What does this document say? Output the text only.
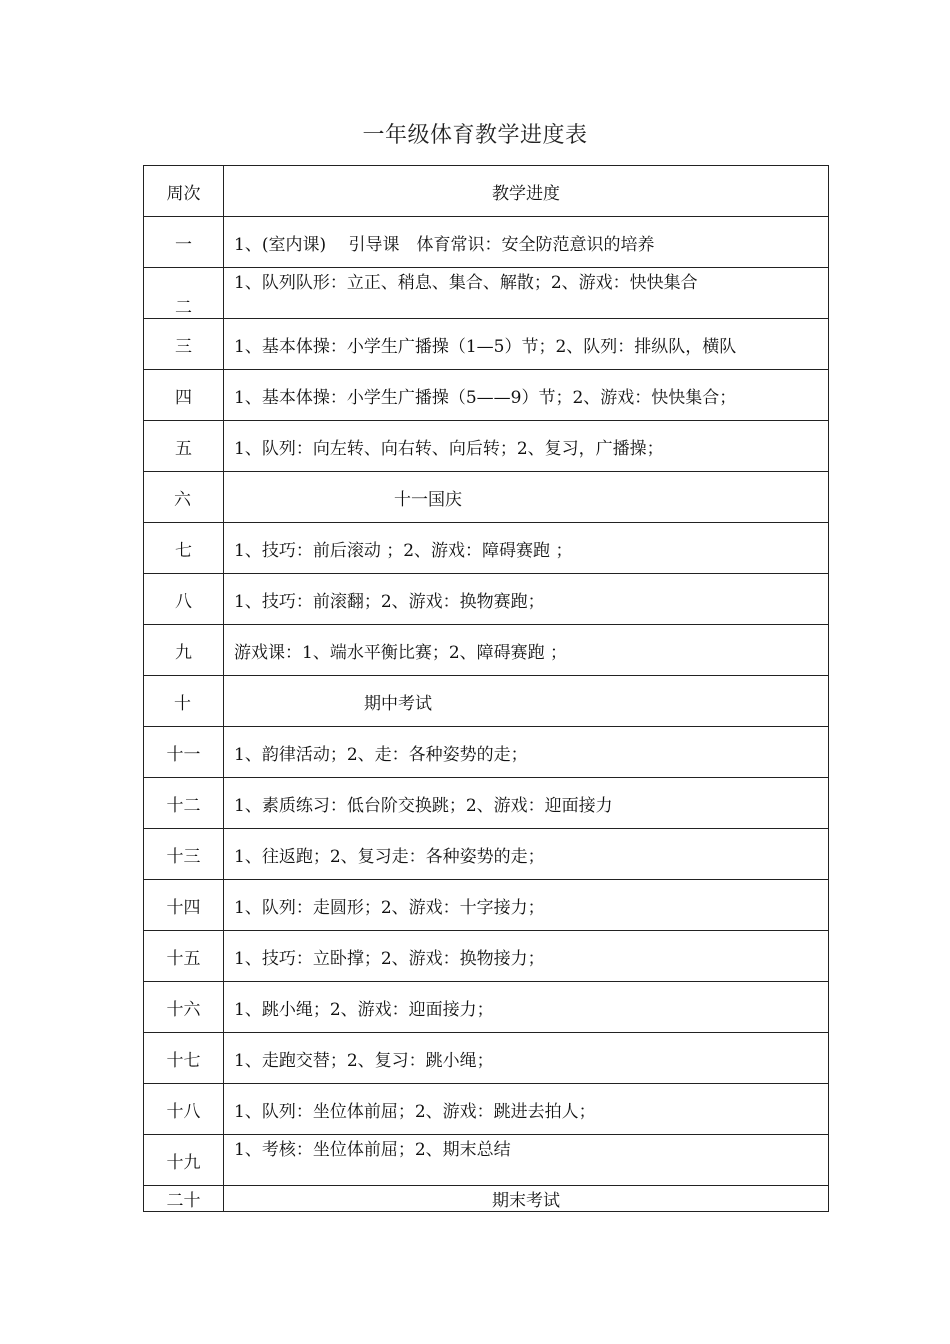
一年级体育教学进度表
周次	教学进度
一	1、(室内课)　 引导课　体育常识：安全防范意识的培养
二	1、队列队形：立正、稍息、集合、解散；2、游戏：快快集合
三	1、基本体操：小学生广播操（1—5）节；2、队列：排纵队，横队
四	1、基本体操：小学生广播操（5——9）节；2、游戏：快快集合；
五	1、队列：向左转、向右转、向后转；2、复习，广播操；
六	十一国庆
七	1、技巧：前后滚动 ；2、游戏：障碍赛跑 ；
八	1、技巧：前滚翻；2、游戏：换物赛跑；
九	游戏课：1、端水平衡比赛；2、障碍赛跑 ；
十	期中考试
十一	1、韵律活动；2、走：各种姿势的走；
十二	1、素质练习：低台阶交换跳；2、游戏：迎面接力
十三	1、往返跑；2、复习走：各种姿势的走；
十四	1、队列：走圆形；2、游戏：十字接力；
十五	1、技巧：立卧撑；2、游戏：换物接力；
十六	1、跳小绳；2、游戏：迎面接力；
十七	1、走跑交替；2、复习：跳小绳；
十八	1、队列：坐位体前屈；2、游戏：跳进去拍人；
十九	1、考核：坐位体前屈；2、期末总结
二十	期末考试
